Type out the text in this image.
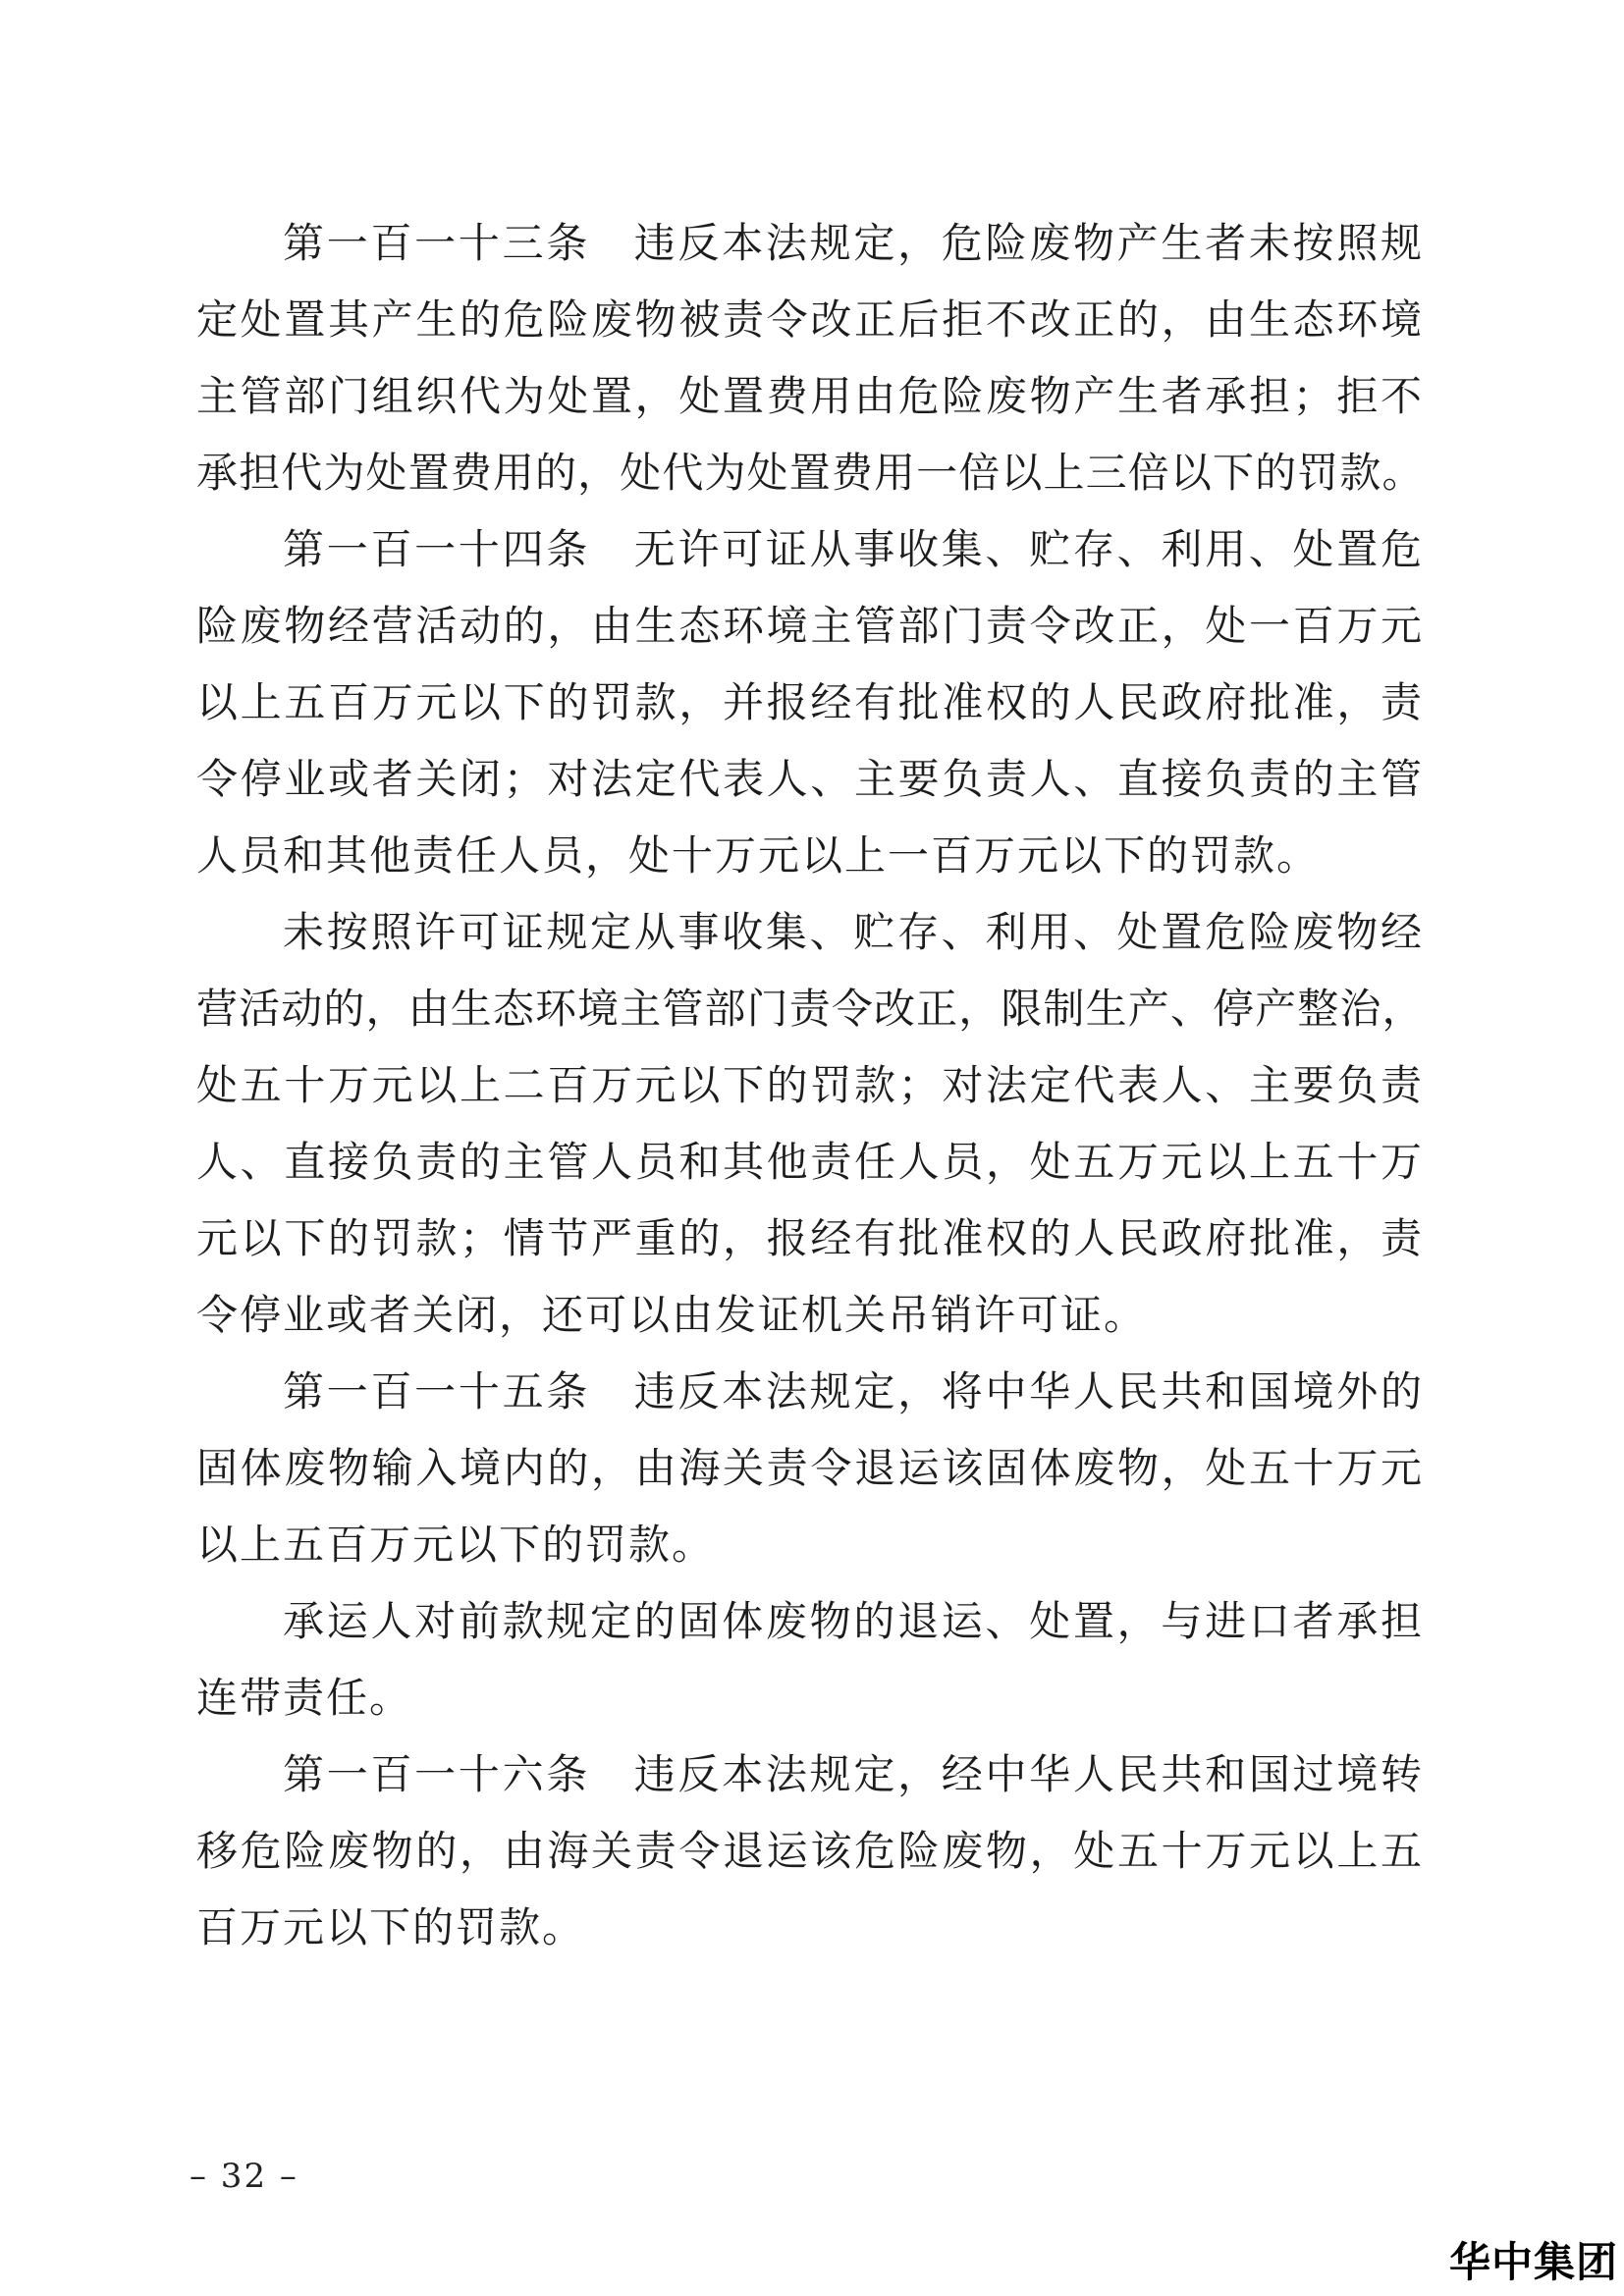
第一百一十三条　违反本法规定，危险废物产生者未按照规
定处置其产生的危险废物被责令改正后拒不改正的，由生态环境
主管部门组织代为处置，处置费用由危险废物产生者承担；拒不
承担代为处置费用的，处代为处置费用一倍以上三倍以下的罚款。
第一百一十四条　无许可证从事收集、贮存、利用、处置危
险废物经营活动的，由生态环境主管部门责令改正，处一百万元
以上五百万元以下的罚款，并报经有批准权的人民政府批准，责
令停业或者关闭；对法定代表人、主要负责人、直接负责的主管
人员和其他责任人员，处十万元以上一百万元以下的罚款。
未按照许可证规定从事收集、贮存、利用、处置危险废物经
营活动的，由生态环境主管部门责令改正，限制生产、停产整治，
处五十万元以上二百万元以下的罚款；对法定代表人、主要负责
人、直接负责的主管人员和其他责任人员，处五万元以上五十万
元以下的罚款；情节严重的，报经有批准权的人民政府批准，责
令停业或者关闭，还可以由发证机关吊销许可证。
第一百一十五条　违反本法规定，将中华人民共和国境外的
固体废物输入境内的，由海关责令退运该固体废物，处五十万元
以上五百万元以下的罚款。
承运人对前款规定的固体废物的退运、处置，与进口者承担
连带责任。
第一百一十六条　违反本法规定，经中华人民共和国过境转
移危险废物的，由海关责令退运该危险废物，处五十万元以上五
百万元以下的罚款。
– 32 –
华中集团
